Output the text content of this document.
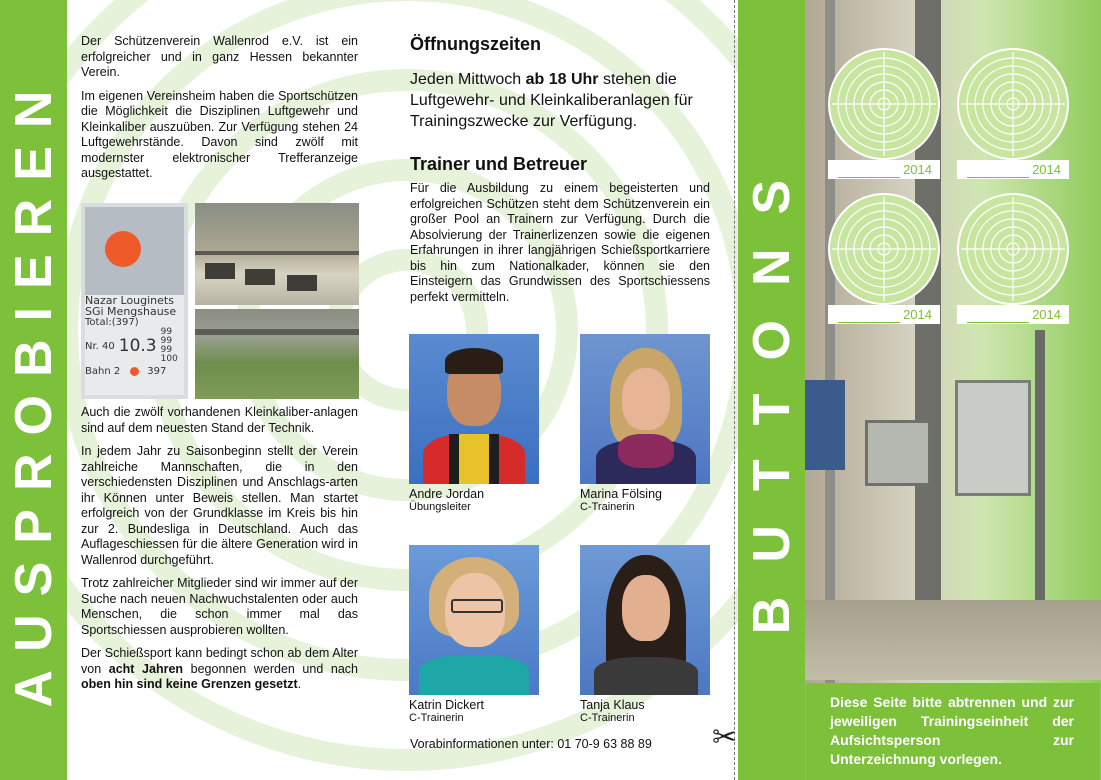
AUSPROBIEREN

Der Schützenverein Wallenrod e.V. ist ein erfolgreicher und in ganz Hessen bekannter Verein.

Im eigenen Vereinsheim haben die Sportschützen die Möglichkeit die Disziplinen Luftgewehr und Kleinkaliber auszuüben. Zur Verfügung stehen 24 Luftgewehrstände. Davon sind zwölf mit modernster elektronischer Trefferanzeige ausgestattet.

Nazar Louginets
SGi Mengshause
Total:(397)
Nr. 40 10.3
99
99
99
100
Bahn 2	397

Auch die zwölf vorhandenen Kleinkaliber-anlagen sind auf dem neuesten Stand der Technik.

In jedem Jahr zu Saisonbeginn stellt der Verein zahlreiche Mannschaften, die in den verschiedensten Disziplinen und Anschlags-arten ihr Können unter Beweis stellen. Man startet erfolgreich von der Grundklasse im Kreis bis hin zur 2. Bundesliga in Deutschland. Auch das Auflageschiessen für die ältere Generation wird in Wallenrod durchgeführt.

Trotz zahlreicher Mitglieder sind wir immer auf der Suche nach neuen Nachwuchstalenten oder auch Menschen, die schon immer mal das Sportschiessen ausprobieren wollten.

Der Schießsport kann bedingt schon ab dem Alter von acht Jahren begonnen werden und nach oben hin sind keine Grenzen gesetzt.

Öffnungszeiten

Jeden Mittwoch ab 18 Uhr stehen die Luftgewehr- und Kleinkaliberanlagen für Trainingszwecke zur Verfügung.

Trainer und Betreuer

Für die Ausbildung zu einem begeisterten und erfolgreichen Schützen steht dem Schützenverein ein großer Pool an Trainern zur Verfügung. Durch die Absolvierung der Trainerlizenzen sowie die eigenen Erfahrungen in ihrer langjährigen Schießsportkarriere bis hin zum Nationalkader, können sie den Einsteigern das Grundwissen des Sportschiessens perfekt vermitteln.

Andre Jordan
Übungsleiter
Marina Fölsing
C-Trainerin
Katrin Dickert
C-Trainerin
Tanja Klaus
C-Trainerin
Vorabinformationen unter: 01 70-9 63 88 89 ✂
BUTTONS	2014	2014
2014	2014
Diese Seite bitte abtrennen und zur jeweiligen Trainingseinheit der Aufsichtsperson zur Unterzeichnung vorlegen.
